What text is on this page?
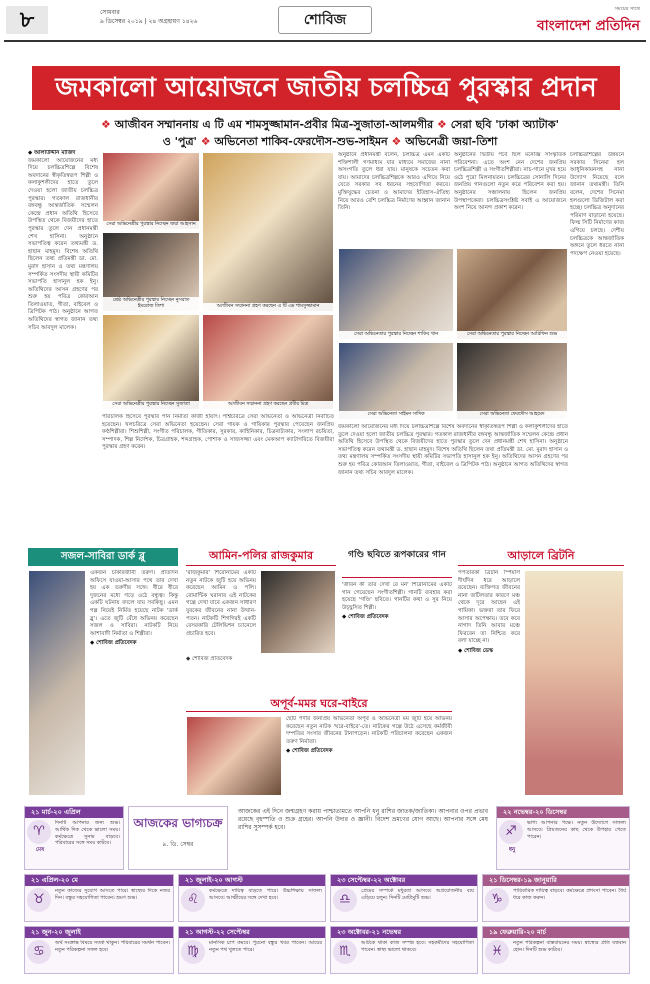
৮	সোমবার
৯ ডিসেম্বর ২০১৯ | ২৪ অগ্রহায়ণ ১৪২৬	শোবিজ
সময়ের সাথে
বাংলাদেশ প্রতিদিন
জমকালো আয়োজনে জাতীয় চলচ্চিত্র পুরস্কার প্রদান
❖ আজীবন সম্মাননায় এ টি এম শামসুজ্জামান-প্রবীর মিত্র-সুজাতা-আলমগীর ❖ সেরা ছবি 'ঢাকা অ্যাটাক'
ও 'পুত্র' ❖ অভিনেতা শাকিব-ফেরদৌস-শুভ-সাইমন ❖ অভিনেত্রী জয়া-তিশা
◆ আলাউদ্দীন মাজিদ
জমকালো আয়োজনের মধ্য দিয়ে চলচ্চিত্রশিল্পে বিশেষ অবদানের স্বীকৃতিস্বরূপ শিল্পী ও কলাকুশলীদের হাতে তুলে দেওয়া হলো জাতীয় চলচ্চিত্র পুরস্কার। গতকাল রাজধানীর বঙ্গবন্ধু আন্তর্জাতিক সম্মেলন কেন্দ্রে প্রধান অতিথি হিসেবে উপস্থিত থেকে বিজয়ীদের হাতে পুরস্কার তুলে দেন প্রধানমন্ত্রী শেখ হাসিনা। অনুষ্ঠানে সভাপতিত্ব করেন তথ্যমন্ত্রী ড. হাছান মাহমুদ। বিশেষ অতিথি ছিলেন তথ্য প্রতিমন্ত্রী ডা. মো. মুরাদ হাসান ও তথ্য মন্ত্রণালয় সম্পর্কিত সংসদীয় স্থায়ী কমিটির সভাপতি হাসানুল হক ইনু। অতিথিদের আসন গ্রহণের পর শুরু হয় পবিত্র কোরআন তিলাওয়াত, গীতা, বাইবেল ও ত্রিপিটক পাঠ। অনুষ্ঠানে আগত অতিথিদের স্বাগত জানান তথ্য সচিব আবদুল মালেক।
সেরা অভিনেত্রীর পুরস্কার নিচ্ছেন জয়া আহসান
আজীবন সম্মাননা গ্রহণ করছেন এ টি এম শামসুজ্জামান
অনুষ্ঠানে প্রধানমন্ত্রী বলেন, চলচ্চিত্র এমন একটি শক্তিশালী গণমাধ্যম যার মাধ্যমে সমাজের নানা অসংগতি তুলে ধরা যায়। মানুষকে সচেতন করা যায়। আমাদের চলচ্চিত্রশিল্পকে আরও এগিয়ে নিয়ে যেতে সরকার সব ধরনের সহযোগিতা করবে। মুক্তিযুদ্ধের চেতনা ও আমাদের ইতিহাস-ঐতিহ্য নিয়ে আরও বেশি চলচ্চিত্র নির্মাণের আহ্বান জানান তিনি।
অনুষ্ঠানের দ্বিতীয় পর্বে ছিল মনোজ্ঞ সাংস্কৃতিক পরিবেশনা। এতে অংশ নেন দেশের জনপ্রিয় চলচ্চিত্রশিল্পী ও সংগীতশিল্পীরা। নাচ-গানে মুখর হয়ে ওঠে পুরো মিলনায়তন। চলচ্চিত্রের সোনালি দিনের জনপ্রিয় গানগুলো নতুন করে পরিবেশন করা হয়। অনুষ্ঠানের সঞ্চালনায় ছিলেন জনপ্রিয় উপস্থাপকেরা। চলচ্চিত্রসংশ্লিষ্ট সবাই এ আয়োজনে অংশ নিয়ে আনন্দ প্রকাশ করেন।
সেরা অভিনেতার পুরস্কার নিচ্ছেন শাকিব খান	সেরা অভিনেতার পুরস্কার নিচ্ছেন আরিফিন শুভ
চলচ্চিত্রশিল্পের উন্নয়নে সরকার সিনেমা হল আধুনিকায়নসহ নানা উদ্যোগ নিয়েছে বলে জানান তথ্যমন্ত্রী। তিনি বলেন, দেশের সিনেমা হলগুলো ডিজিটাল করা হচ্ছে। চলচ্চিত্র অনুদানের পরিমাণ বাড়ানো হয়েছে। ফিল্ম সিটি নির্মাণের কাজ এগিয়ে চলছে। দেশীয় চলচ্চিত্রকে আন্তর্জাতিক অঙ্গনে তুলে ধরতে নানা পদক্ষেপ নেওয়া হয়েছে।
শ্রেষ্ঠ অভিনেত্রীর পুরস্কার নিচ্ছেন নুসরাত ইমরোজ তিশা
সেরা অভিনেত্রীর পুরস্কার নিচ্ছেন সুজাতা	আজীবন সম্মাননা গ্রহণ করছেন প্রবীর মিত্র
সেরা অভিনেতা সাইমন সাদিক	সেরা অভিনেতা ফেরদৌস আহমেদ
পরিচালক হিসেবে পুরস্কার পান নির্মাতা কাজী হায়াৎ। পার্শ্বচরিত্রে সেরা অভিনেতা ও অভিনেত্রী নির্বাচিত হয়েছেন। খলচরিত্রে সেরা অভিনেতা হয়েছেন। সেরা গায়ক ও গায়িকার পুরস্কার পেয়েছেন জনপ্রিয় কণ্ঠশিল্পীরা। শিশুশিল্পী, সংগীত পরিচালক, গীতিকার, সুরকার, কাহিনিকার, চিত্রনাট্যকার, সংলাপ রচয়িতা, সম্পাদক, শিল্প নির্দেশক, চিত্রগ্রাহক, শব্দগ্রাহক, পোশাক ও সাজসজ্জা এবং মেকআপ ক্যাটাগরিতে বিজয়ীরা পুরস্কার গ্রহণ করেন।
জমকালো আয়োজনের মধ্য দিয়ে চলচ্চিত্রশিল্পে বিশেষ অবদানের স্বীকৃতিস্বরূপ শিল্পী ও কলাকুশলীদের হাতে তুলে দেওয়া হলো জাতীয় চলচ্চিত্র পুরস্কার। গতকাল রাজধানীর বঙ্গবন্ধু আন্তর্জাতিক সম্মেলন কেন্দ্রে প্রধান অতিথি হিসেবে উপস্থিত থেকে বিজয়ীদের হাতে পুরস্কার তুলে দেন প্রধানমন্ত্রী শেখ হাসিনা। অনুষ্ঠানে সভাপতিত্ব করেন তথ্যমন্ত্রী ড. হাছান মাহমুদ। বিশেষ অতিথি ছিলেন তথ্য প্রতিমন্ত্রী ডা. মো. মুরাদ হাসান ও তথ্য মন্ত্রণালয় সম্পর্কিত সংসদীয় স্থায়ী কমিটির সভাপতি হাসানুল হক ইনু। অতিথিদের আসন গ্রহণের পর শুরু হয় পবিত্র কোরআন তিলাওয়াত, গীতা, বাইবেল ও ত্রিপিটক পাঠ। অনুষ্ঠানে আগত অতিথিদের স্বাগত জানান তথ্য সচিব আবদুল মালেক।
সজল-সাবিরা ডার্ক ব্লু
একজন চাকরিজীবী তরুণ। প্রতিদিন অফিসে যাওয়া-আসার পথে তার দেখা হয় এক তরুণীর সঙ্গে। ধীরে ধীরে দুজনের মধ্যে গড়ে ওঠে বন্ধুত্ব। কিন্তু একটি ঘটনায় বদলে যায় সবকিছু। এমন গল্প নিয়েই নির্মিত হয়েছে নাটক 'ডার্ক ব্লু'। এতে জুটি বেঁধে অভিনয় করেছেন সজল ও সাবিরা। নাটকটি নিয়ে আশাবাদী নির্মাতা ও শিল্পীরা।
◆ শোবিজ প্রতিবেদক
আমিন-পলির রাজকুমার
'রাজকুমার' শিরোনামের একটি নতুন নাটকে জুটি হয়ে অভিনয় করেছেন আমিন ও পলি। রোমান্টিক ঘরানার এই নাটকের গল্পে দেখা যাবে একজন সাধারণ যুবকের জীবনের নানা উত্থান-পতন। নাটকটি শিগগিরই একটি বেসরকারি টেলিভিশন চ্যানেলে প্রচারিত হবে।
◆ শোবিজ প্রতিবেদক
গণ্ডি ছবিতে রূপকারের গান
'জীবন কী তার দেখা রে মন' শিরোনামের একটি গান গেয়েছেন সংগীতশিল্পী। গানটি ব্যবহার করা হয়েছে 'গণ্ডি' ছবিতে। গানটির কথা ও সুর নিয়ে উচ্ছ্বসিত শিল্পী।
◆ শোবিজ প্রতিবেদক
অপূর্ব-মমর ঘরে-বাইরে
ছোট পর্দার জনপ্রিয় অভিনেতা অপূর্ব ও অভিনেত্রী মম জুটি হয়ে অভিনয় করেছেন নতুন নাটক 'ঘরে-বাইরে'-তে। নাটকের গল্পে উঠে এসেছে কর্মজীবী দম্পতির সংসার জীবনের টানাপড়েন। নাটকটি পরিচালনা করেছেন একজন তরুণ নির্মাতা।
◆ শোবিজ প্রতিবেদক
আড়ালে ব্রিটনি
পপতারকা ব্রিটনি স্পিয়ার্স দীর্ঘদিন ধরে আড়ালে রয়েছেন। ব্যক্তিগত জীবনের নানা জটিলতার কারণে মঞ্চ থেকে দূরে আছেন এই গায়িকা। ভক্তরা তার ফিরে আসার অপেক্ষায়। তবে কবে নাগাদ তিনি আবার মঞ্চে ফিরবেন তা নিশ্চিত করে বলা যাচ্ছে না।
◆ শোবিজ ডেস্ক
২১ মার্চ-২০ এপ্রিল
♈
মেষ
দিনটি আপনার জন্য শুভ। আর্থিক দিক থেকে ভালো সময়। কর্মক্ষেত্রে সুনাম বাড়বে। পরিবারের সঙ্গে সময় কাটবে।
আজকের ভাগ্যচক্র
৯. ডি. সেম্বর
আজকের এই দিনে জন্মগ্রহণ করায় পাশ্চাত্যমতে আপনি ধনু রাশির জাতক/জাতিকা। আপনার ওপর প্রভাব রয়েছে বৃহস্পতি ও শুক্র গ্রহের। আপনি উদার ও জ্ঞানী। বিদেশ ভ্রমণের যোগ আছে। আপনার সঙ্গে মেষ রাশির সুসম্পর্ক হবে।
২২ নভেম্বর-২০ ডিসেম্বর
♐
ধনু
ভাগ্য আপনার পক্ষে। নতুন উদ্যোগে সাফল্য আসবে। প্রিয়জনের কাছ থেকে উপহার পেতে পারেন।
২১ এপ্রিল-২০ মে
♉
নতুন কাজের সুযোগ আসতে পারে। স্বাস্থ্যের দিকে নজর দিন। বন্ধুর সহযোগিতা পাবেন। ভ্রমণ শুভ।
২১ জুলাই-২০ আগস্ট
♌
কর্মক্ষেত্রে দায়িত্ব বাড়তে পারে। উচ্চশিক্ষায় সাফল্য আসবে। আত্মীয়ের সঙ্গে দেখা হবে।
২৩ সেপ্টেম্বর-২২ অক্টোবর
♎
প্রেমের সম্পর্কে মধুরতা আসবে। অপ্রয়োজনীয় ব্যয় এড়িয়ে চলুন। দিনটি মোটামুটি শুভ।
২১ ডিসেম্বর-১৯ জানুয়ারি
♑
পারিবারিক দায়িত্ব বাড়বে। কর্মক্ষেত্রে প্রশংসা পাবেন। ধৈর্য ধরে কাজ করুন।
২১ জুন-২০ জুলাই
♋
অর্থ সংক্রান্ত বিষয়ে সতর্ক থাকুন। পরিবারের সমর্থন পাবেন। নতুন পরিকল্পনা সফল হবে।
২১ আগস্ট-২২ সেপ্টেম্বর
♍
মানসিক চাপ কমবে। পুরনো বন্ধুর খবর পাবেন। আয়ের নতুন পথ খুলতে পারে।
২৩ অক্টোবর-২১ নভেম্বর
♏
আটকে থাকা কাজ সম্পন্ন হবে। সহকর্মীদের সহযোগিতা পাবেন। স্বাস্থ্য ভালো থাকবে।
১৯ ফেব্রুয়ারি-২০ মার্চ
♓
নতুন পরিকল্পনা বাস্তবায়নের সময়। স্বাস্থ্যের প্রতি যত্নবান হোন। দিনটি শুভ কাটবে।
